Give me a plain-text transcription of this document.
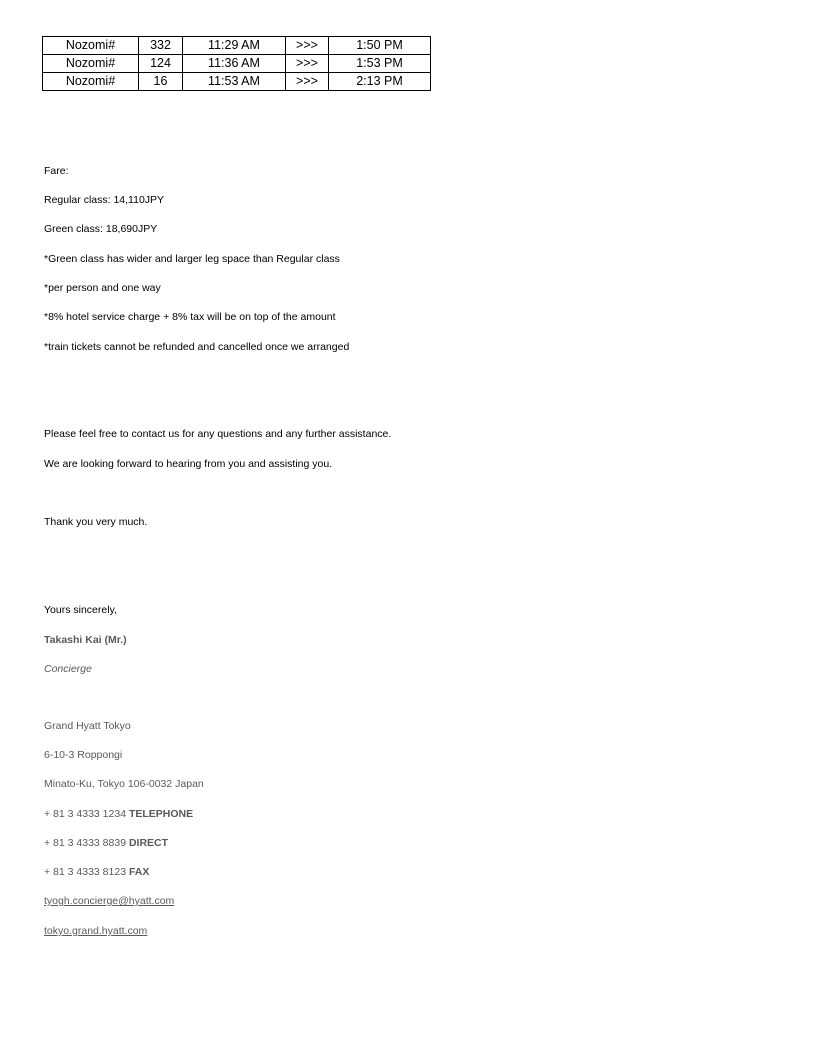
Nozomi#	332	11:29 AM	>>>	1:50 PM
Nozomi#	124	11:36 AM	>>>	1:53 PM
Nozomi#	16	11:53 AM	>>>	2:13 PM
Fare:
Regular class: 14,110JPY
Green class: 18,690JPY
*Green class has wider and larger leg space than Regular class
*per person and one way
*8% hotel service charge + 8% tax will be on top of the amount
*train tickets cannot be refunded and cancelled once we arranged
Please feel free to contact us for any questions and any further assistance.
We are looking forward to hearing from you and assisting you.
Thank you very much.
Yours sincerely,
Takashi Kai (Mr.)
Concierge
Grand Hyatt Tokyo
6-10-3 Roppongi
Minato-Ku, Tokyo 106-0032 Japan
+ 81 3 4333 1234 TELEPHONE
+ 81 3 4333 8839 DIRECT
+ 81 3 4333 8123 FAX
tyogh.concierge@hyatt.com
tokyo.grand.hyatt.com
